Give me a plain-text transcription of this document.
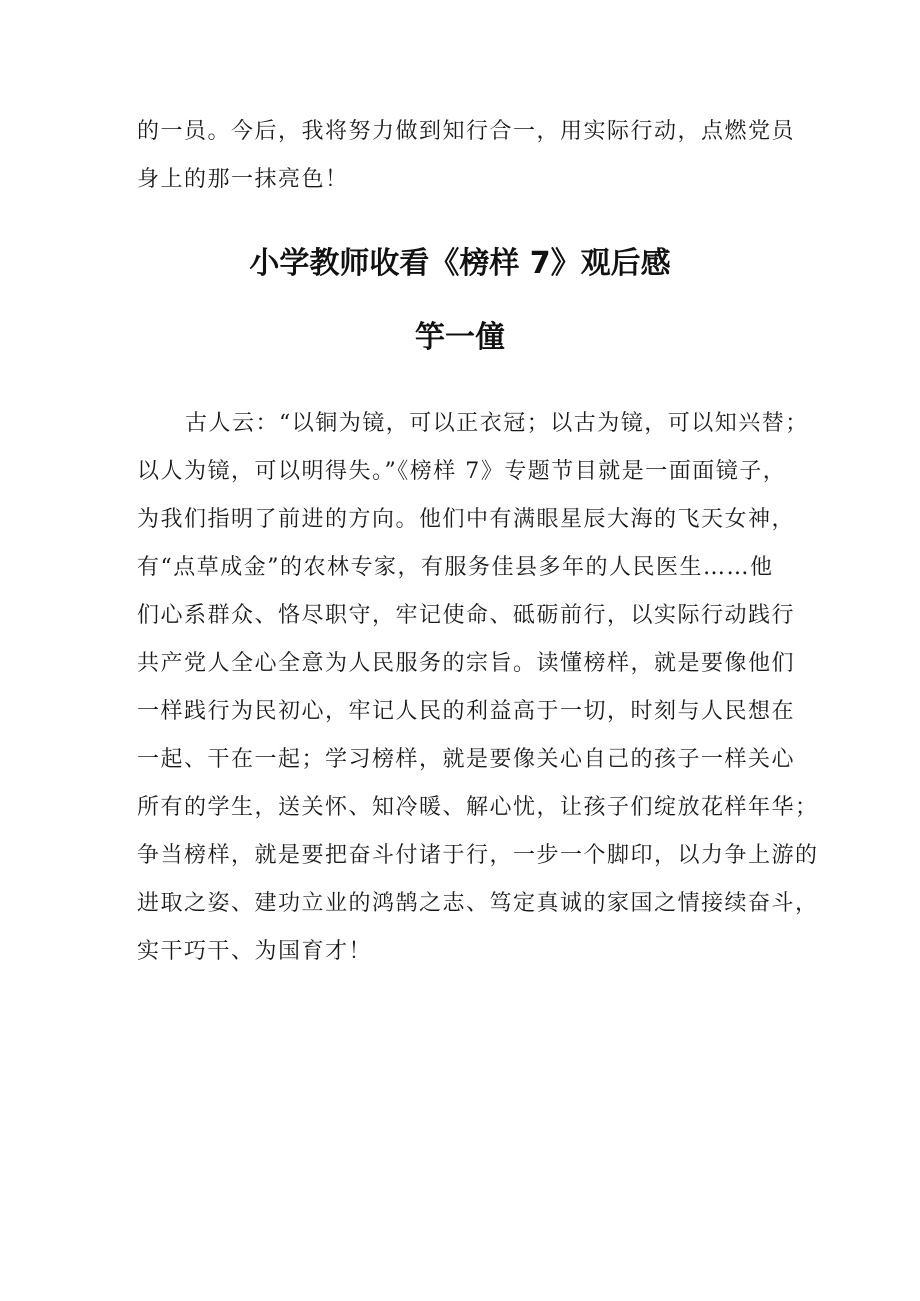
的一员。今后，我将努力做到知行合一，用实际行动，点燃党员
身上的那一抹亮色！

小学教师收看《榜样 7》观后感
竽一僮

古人云：“以铜为镜，可以正衣冠；以古为镜，可以知兴替；
以人为镜，可以明得失。”《榜样 7》专题节目就是一面面镜子，
为我们指明了前进的方向。他们中有满眼星辰大海的飞天女神，
有“点草成金”的农林专家，有服务佳县多年的人民医生……他
们心系群众、恪尽职守，牢记使命、砥砺前行，以实际行动践行
共产党人全心全意为人民服务的宗旨。读懂榜样，就是要像他们
一样践行为民初心，牢记人民的利益高于一切，时刻与人民想在
一起、干在一起；学习榜样，就是要像关心自己的孩子一样关心
所有的学生，送关怀、知冷暖、解心忧，让孩子们绽放花样年华；
争当榜样，就是要把奋斗付诸于行，一步一个脚印，以力争上游的
进取之姿、建功立业的鸿鹄之志、笃定真诚的家国之情接续奋斗，
实干巧干、为国育才！
